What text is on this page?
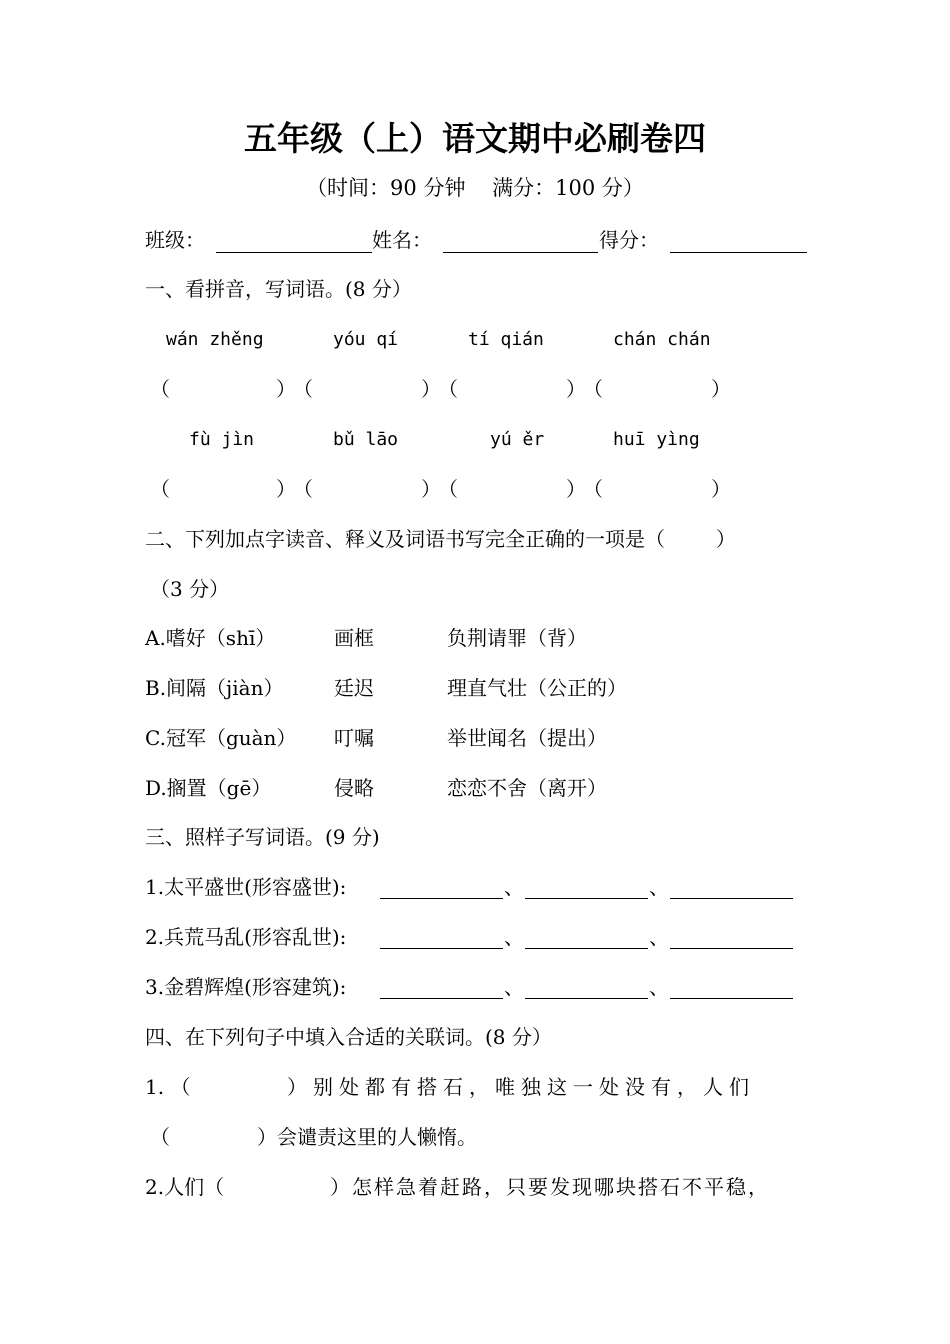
五年级（上）语文期中必刷卷四
（时间：90 分钟    满分：100 分）
班级：	姓名：	得分：
一、看拼音，写词语。(8 分）
wán zhěng	yóu qí	tí qián	chán chán
（	）
（	）
（	）
（	）
fù jìn	bǔ lāo	yú ěr	huī yìng
（	）
（	）
（	）
（	）
二、下列加点字读音、释义及词语书写完全正确的一项是（        ）
（3 分）
A.嗜好（shī）	画框	负荆请罪（背）
B.间隔（jiàn）	廷迟	理直气壮（公正的）
C.冠军（guàn） 叮嘱	举世闻名（提出）
D.搁置（gē）	侵略	恋恋不舍（离开）
三、照样子写词语。(9 分)
1.太平盛世(形容盛世):	、	、
2.兵荒马乱(形容乱世):	、	、
3.金碧辉煌(形容建筑):	、	、
四、在下列句子中填入合适的关联词。(8 分）
1. （	）别处都有搭石，唯独这一处没有，人们
（	）会谴责这里的人懒惰。
2.人们（	）怎样急着赶路，只要发现哪块搭石不平稳，
